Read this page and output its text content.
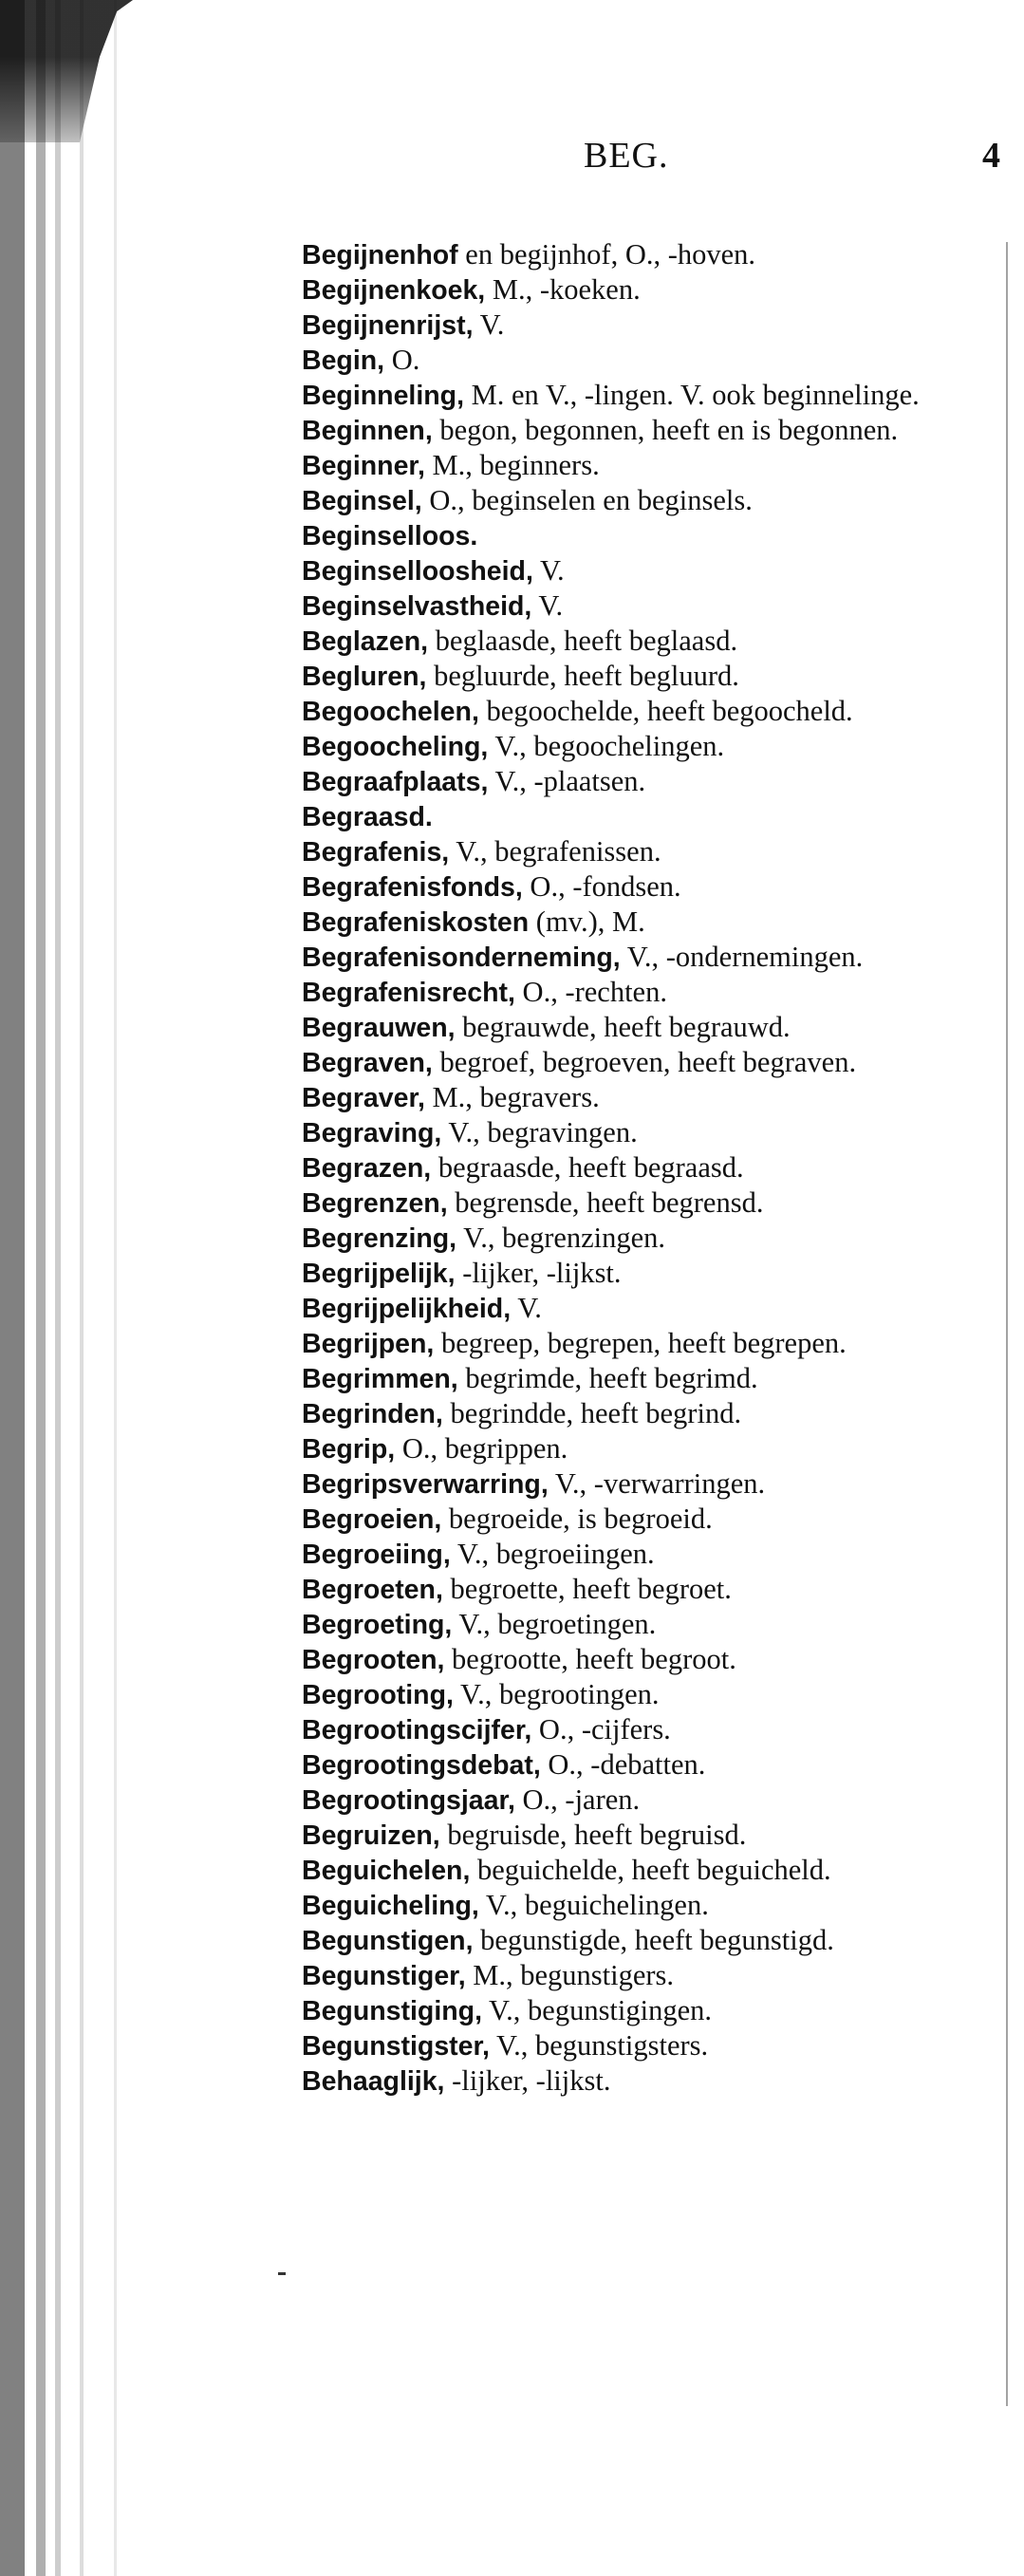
BEG.	4
Begijnenhof en begijnhof, O., -hoven.
Begijnenkoek, M., -koeken.
Begijnenrijst, V.
Begin, O.
Beginneling, M. en V., -lingen. V. ook beginnelinge.
Beginnen, begon, begonnen, heeft en is begonnen.
Beginner, M., beginners.
Beginsel, O., beginselen en beginsels.
Beginselloos.
Beginselloosheid, V.
Beginselvastheid, V.
Beglazen, beglaasde, heeft beglaasd.
Begluren, begluurde, heeft begluurd.
Begoochelen, begoochelde, heeft begoocheld.
Begoocheling, V., begoochelingen.
Begraafplaats, V., -plaatsen.
Begraasd.
Begrafenis, V., begrafenissen.
Begrafenisfonds, O., -fondsen.
Begrafeniskosten (mv.), M.
Begrafenisonderneming, V., -ondernemingen.
Begrafenisrecht, O., -rechten.
Begrauwen, begrauwde, heeft begrauwd.
Begraven, begroef, begroeven, heeft begraven.
Begraver, M., begravers.
Begraving, V., begravingen.
Begrazen, begraasde, heeft begraasd.
Begrenzen, begrensde, heeft begrensd.
Begrenzing, V., begrenzingen.
Begrijpelijk, -lijker, -lijkst.
Begrijpelijkheid, V.
Begrijpen, begreep, begrepen, heeft begrepen.
Begrimmen, begrimde, heeft begrimd.
Begrinden, begrindde, heeft begrind.
Begrip, O., begrippen.
Begripsverwarring, V., -verwarringen.
Begroeien, begroeide, is begroeid.
Begroeiing, V., begroeiingen.
Begroeten, begroette, heeft begroet.
Begroeting, V., begroetingen.
Begrooten, begrootte, heeft begroot.
Begrooting, V., begrootingen.
Begrootingscijfer, O., -cijfers.
Begrootingsdebat, O., -debatten.
Begrootingsjaar, O., -jaren.
Begruizen, begruisde, heeft begruisd.
Beguichelen, beguichelde, heeft beguicheld.
Beguicheling, V., beguichelingen.
Begunstigen, begunstigde, heeft begunstigd.
Begunstiger, M., begunstigers.
Begunstiging, V., begunstigingen.
Begunstigster, V., begunstigsters.
Behaaglijk, -lijker, -lijkst.
